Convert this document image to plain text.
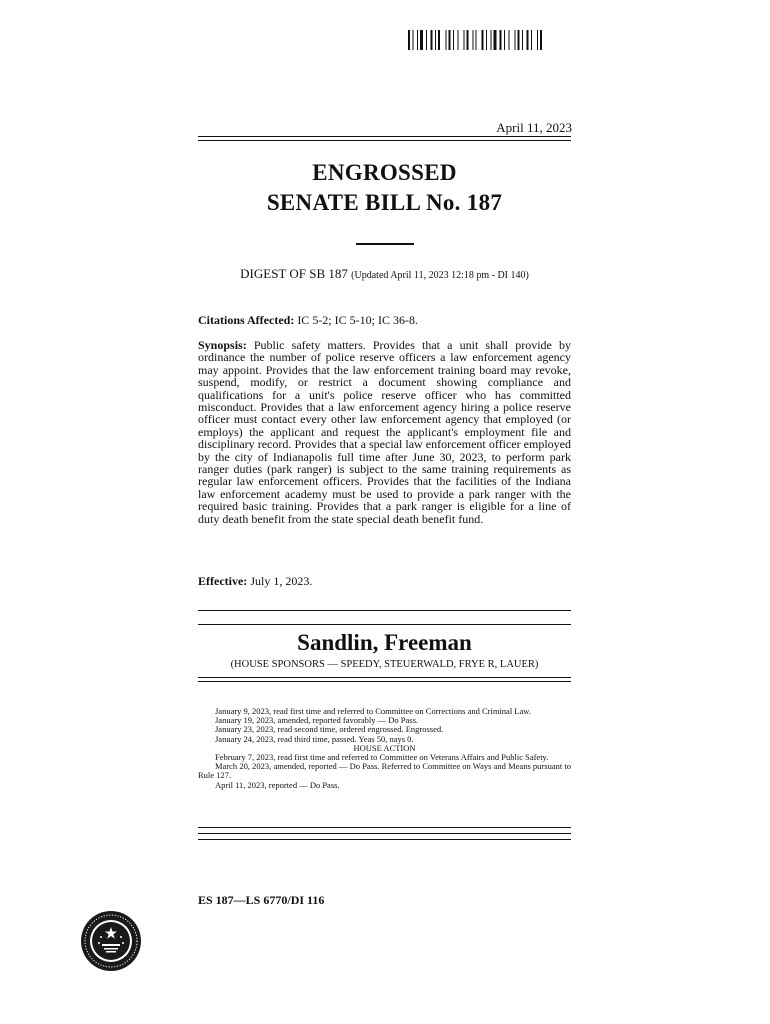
April 11, 2023
ENGROSSED
SENATE BILL No. 187
DIGEST OF SB 187 (Updated April 11, 2023 12:18 pm - DI 140)
Citations Affected: IC 5-2; IC 5-10; IC 36-8.
Synopsis: Public safety matters. Provides that a unit shall provide by ordinance the number of police reserve officers a law enforcement agency may appoint. Provides that the law enforcement training board may revoke, suspend, modify, or restrict a document showing compliance and qualifications for a unit's police reserve officer who has committed misconduct. Provides that a law enforcement agency hiring a police reserve officer must contact every other law enforcement agency that employed (or employs) the applicant and request the applicant's employment file and disciplinary record. Provides that a special law enforcement officer employed by the city of Indianapolis full time after June 30, 2023, to perform park ranger duties (park ranger) is subject to the same training requirements as regular law enforcement officers. Provides that the facilities of the Indiana law enforcement academy must be used to provide a park ranger with the required basic training. Provides that a park ranger is eligible for a line of duty death benefit from the state special death benefit fund.
Effective: July 1, 2023.
Sandlin, Freeman
(HOUSE SPONSORS — SPEEDY, STEUERWALD, FRYE R, LAUER)

January 9, 2023, read first time and referred to Committee on Corrections and Criminal Law.

January 19, 2023, amended, reported favorably — Do Pass.

January 23, 2023, read second time, ordered engrossed. Engrossed.

January 24, 2023, read third time, passed. Yeas 50, nays 0.

HOUSE ACTION

February 7, 2023, read first time and referred to Committee on Veterans Affairs and Public Safety.

March 20, 2023, amended, reported — Do Pass. Referred to Committee on Ways and Means pursuant to Rule 127.

April 11, 2023, reported — Do Pass.

ES 187—LS 6770/DI 116
